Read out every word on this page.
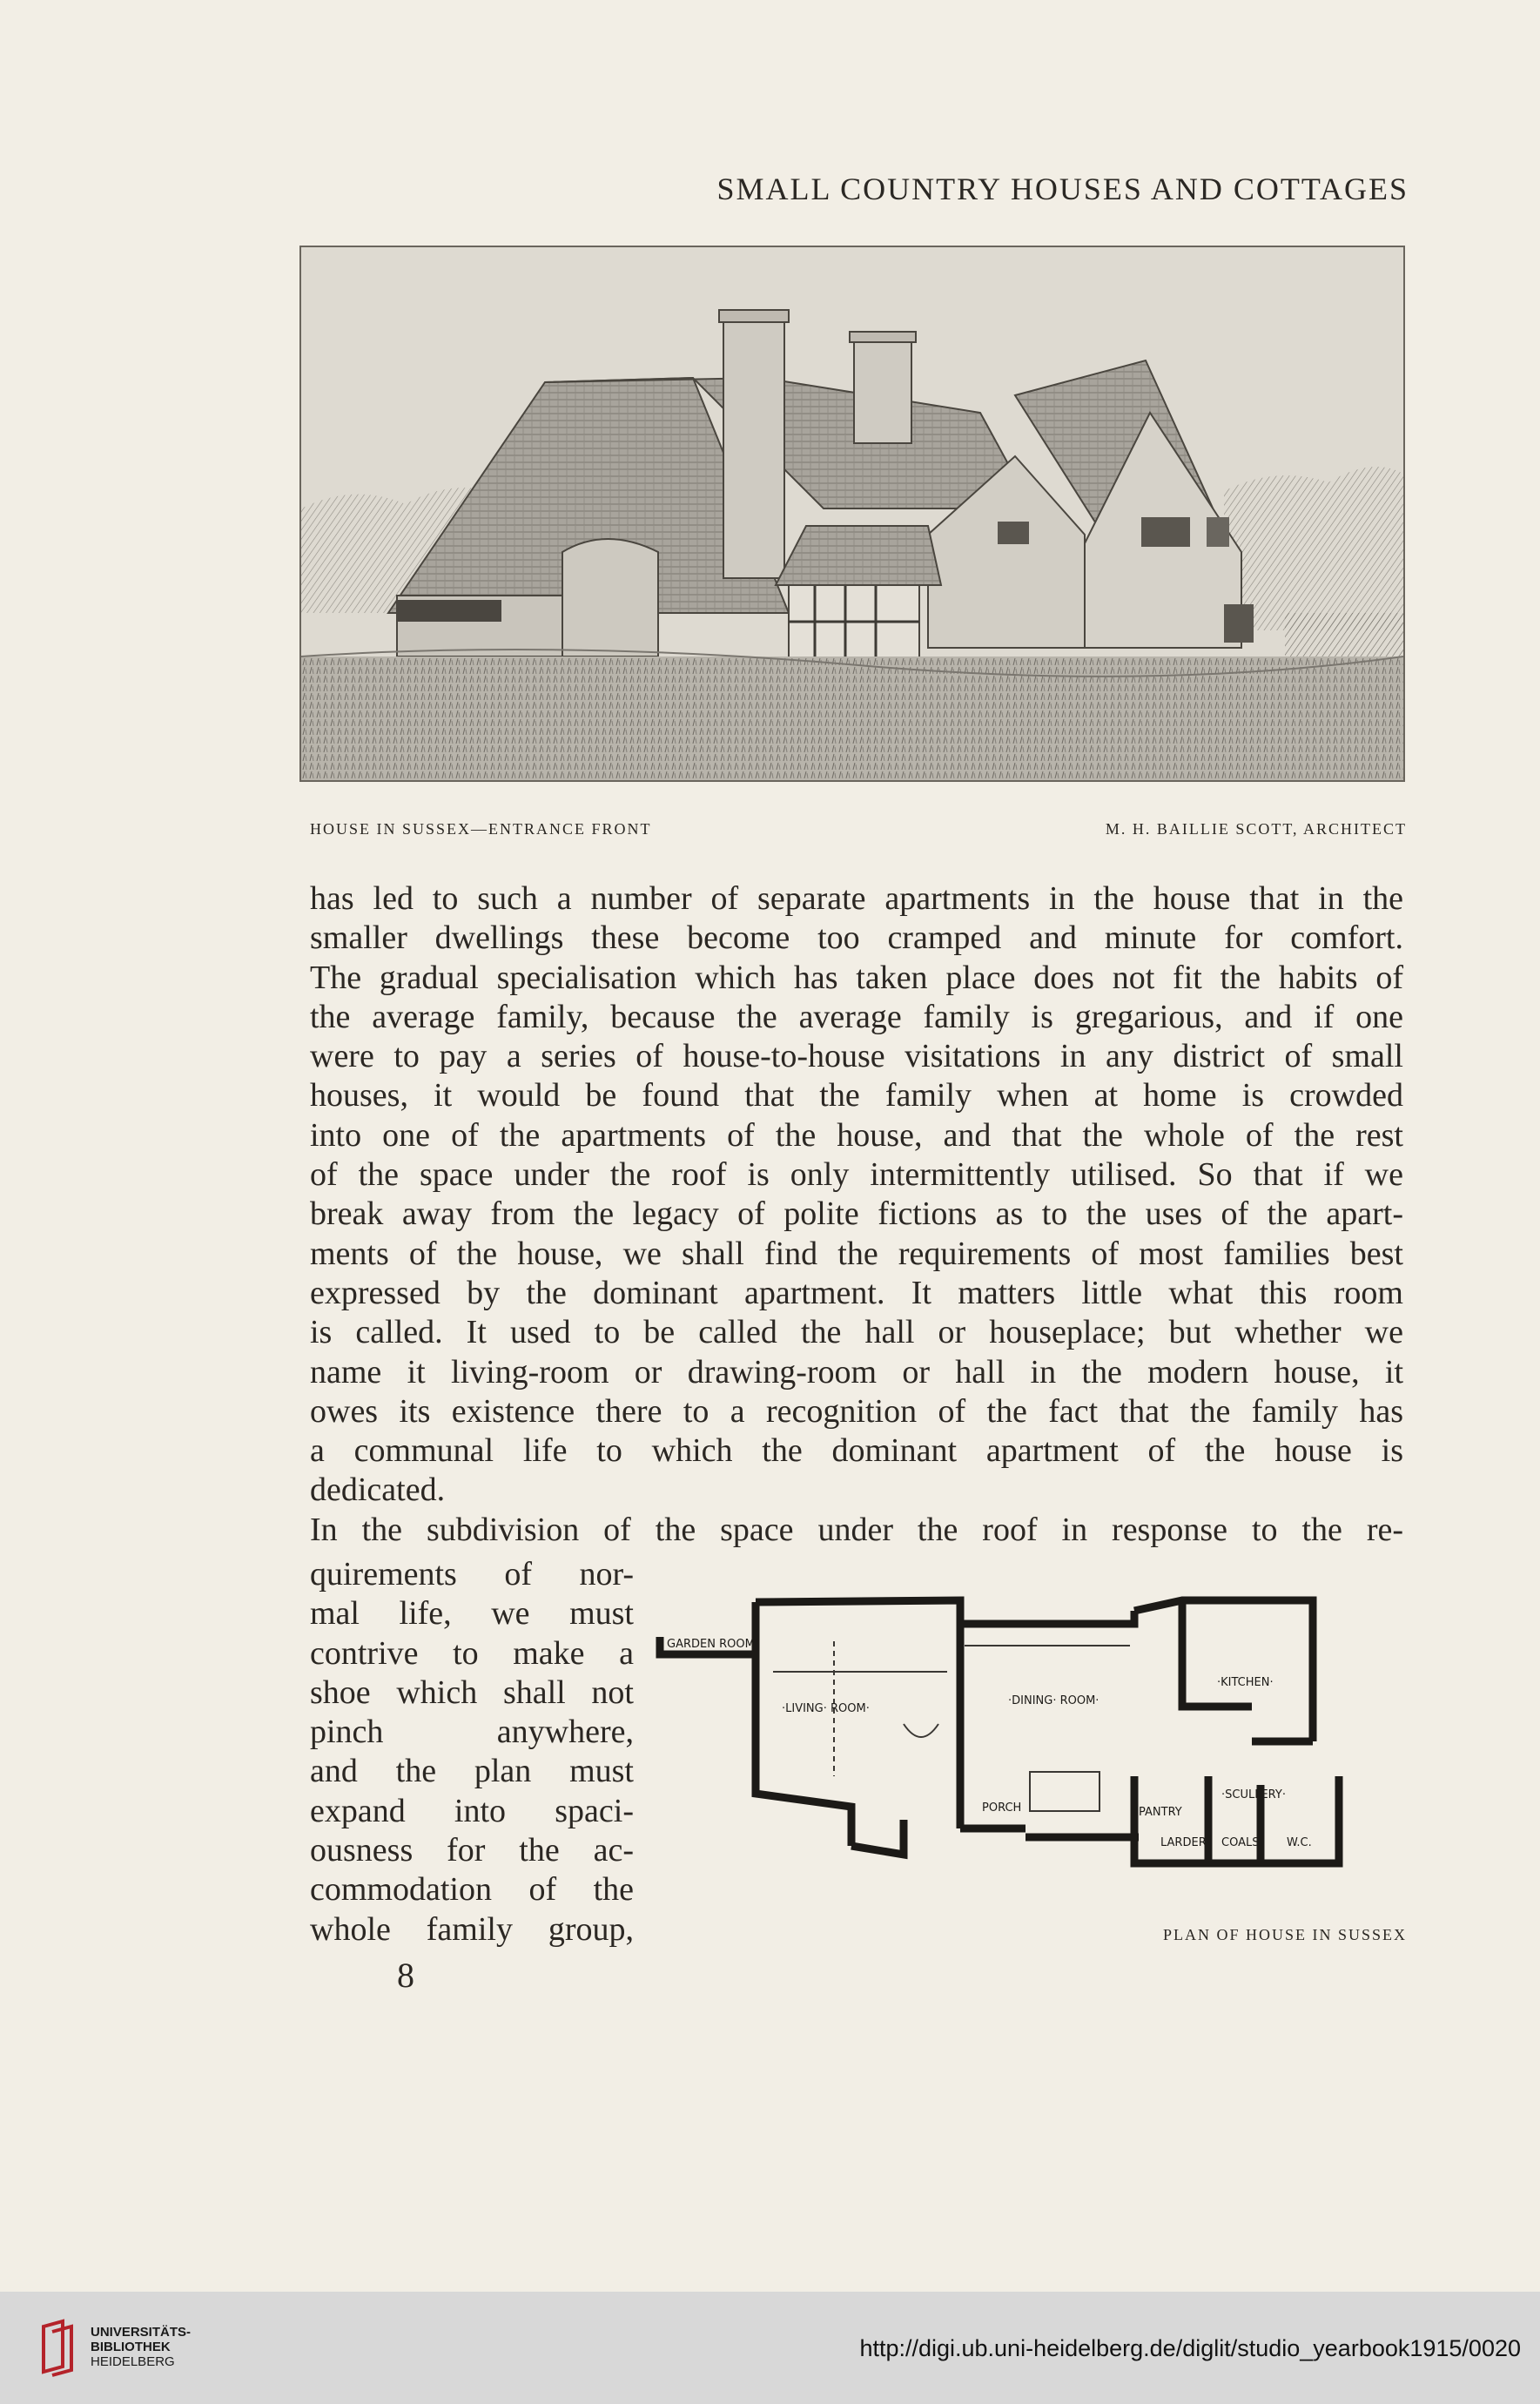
SMALL COUNTRY HOUSES AND COTTAGES
HOUSE IN SUSSEX—ENTRANCE FRONT	M. H. BAILLIE SCOTT, ARCHITECT

has led to such a number of separate apartments in the house that in the
smaller dwellings these become too cramped and minute for comfort.
The gradual specialisation which has taken place does not fit the habits of
the average family, because the average family is gregarious, and if one
were to pay a series of house-to-house visitations in any district of small
houses, it would be found that the family when at home is crowded
into one of the apartments of the house, and that the whole of the rest
of the space under the roof is only intermittently utilised. So that if we
break away from the legacy of polite fictions as to the uses of the apart-
ments of the house, we shall find the requirements of most families best
expressed by the dominant apartment. It matters little what this room
is called. It used to be called the hall or houseplace; but whether we
name it living-room or drawing-room or hall in the modern house, it
owes its existence there to a recognition of the fact that the family has
a communal life to which the dominant apartment of the house is
dedicated.
In the subdivision of the space under the roof in response to the re-

quirements of nor-
mal life, we must
contrive to make a
shoe which shall not
pinch anywhere,
and the plan must
expand into spaci-
ousness for the ac-
commodation of the
whole family group,

GARDEN ROOM
·LIVING· ROOM·
·DINING· ROOM·
·KITCHEN·
·SCULLERY·
PORCH	PANTRY
LARDER COALS W.C.
PLAN OF HOUSE IN SUSSEX
8
UNIVERSITÄTS-
BIBLIOTHEK
HEIDELBERG
http://digi.ub.uni-heidelberg.de/diglit/studio_yearbook1915/0020
